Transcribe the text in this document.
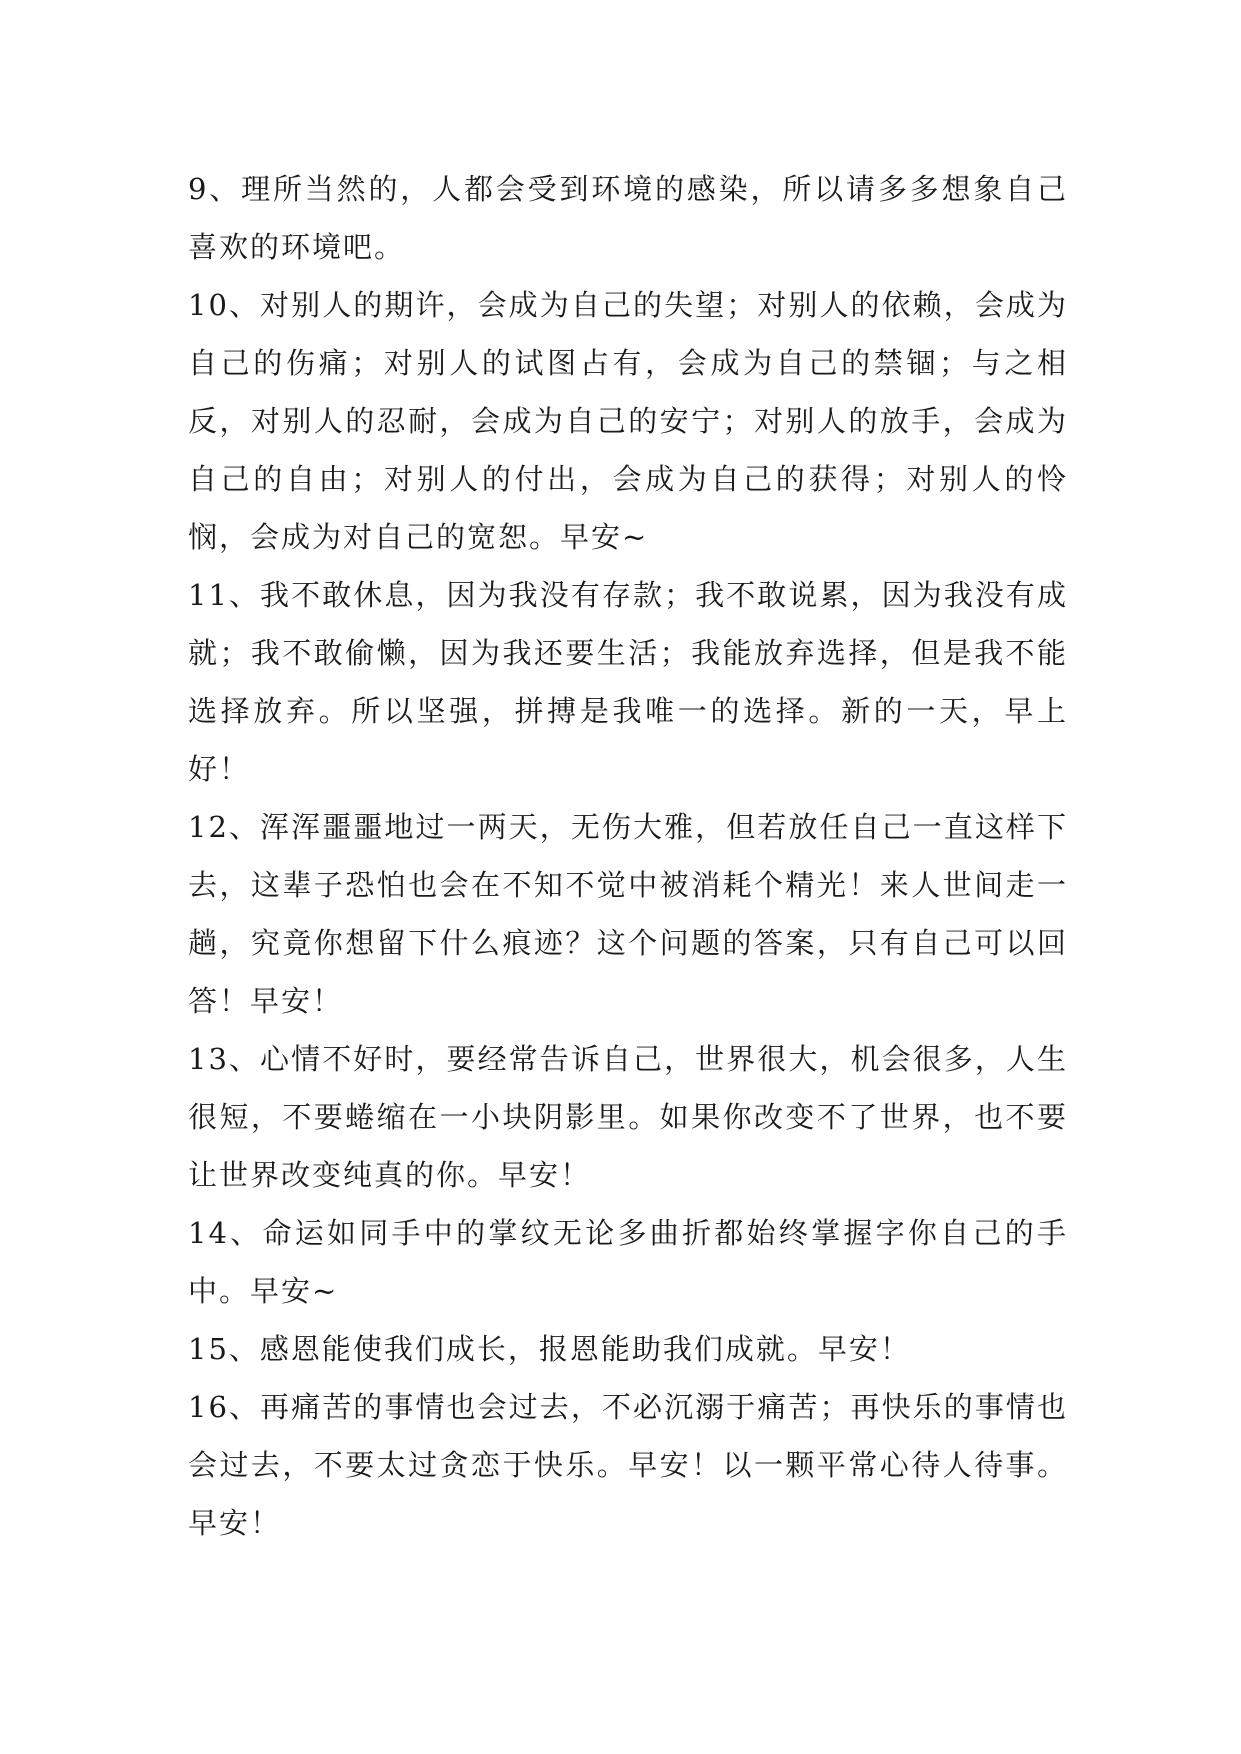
9、理所当然的，人都会受到环境的感染，所以请多多想象自己喜欢的环境吧。

10、对别人的期许，会成为自己的失望；对别人的依赖，会成为自己的伤痛；对别人的试图占有，会成为自己的禁锢；与之相反，对别人的忍耐，会成为自己的安宁；对别人的放手，会成为自己的自由；对别人的付出，会成为自己的获得；对别人的怜悯，会成为对自己的宽恕。早安~

11、我不敢休息，因为我没有存款；我不敢说累，因为我没有成就；我不敢偷懒，因为我还要生活；我能放弃选择，但是我不能选择放弃。所以坚强，拼搏是我唯一的选择。新的一天，早上好！

12、浑浑噩噩地过一两天，无伤大雅，但若放任自己一直这样下去，这辈子恐怕也会在不知不觉中被消耗个精光！来人世间走一趟，究竟你想留下什么痕迹？这个问题的答案，只有自己可以回答！早安！

13、心情不好时，要经常告诉自己，世界很大，机会很多，人生很短，不要蜷缩在一小块阴影里。如果你改变不了世界，也不要让世界改变纯真的你。早安！

14、命运如同手中的掌纹无论多曲折都始终掌握字你自己的手中。早安~

15、感恩能使我们成长，报恩能助我们成就。早安！

16、再痛苦的事情也会过去，不必沉溺于痛苦；再快乐的事情也会过去，不要太过贪恋于快乐。早安！以一颗平常心待人待事。早安！
